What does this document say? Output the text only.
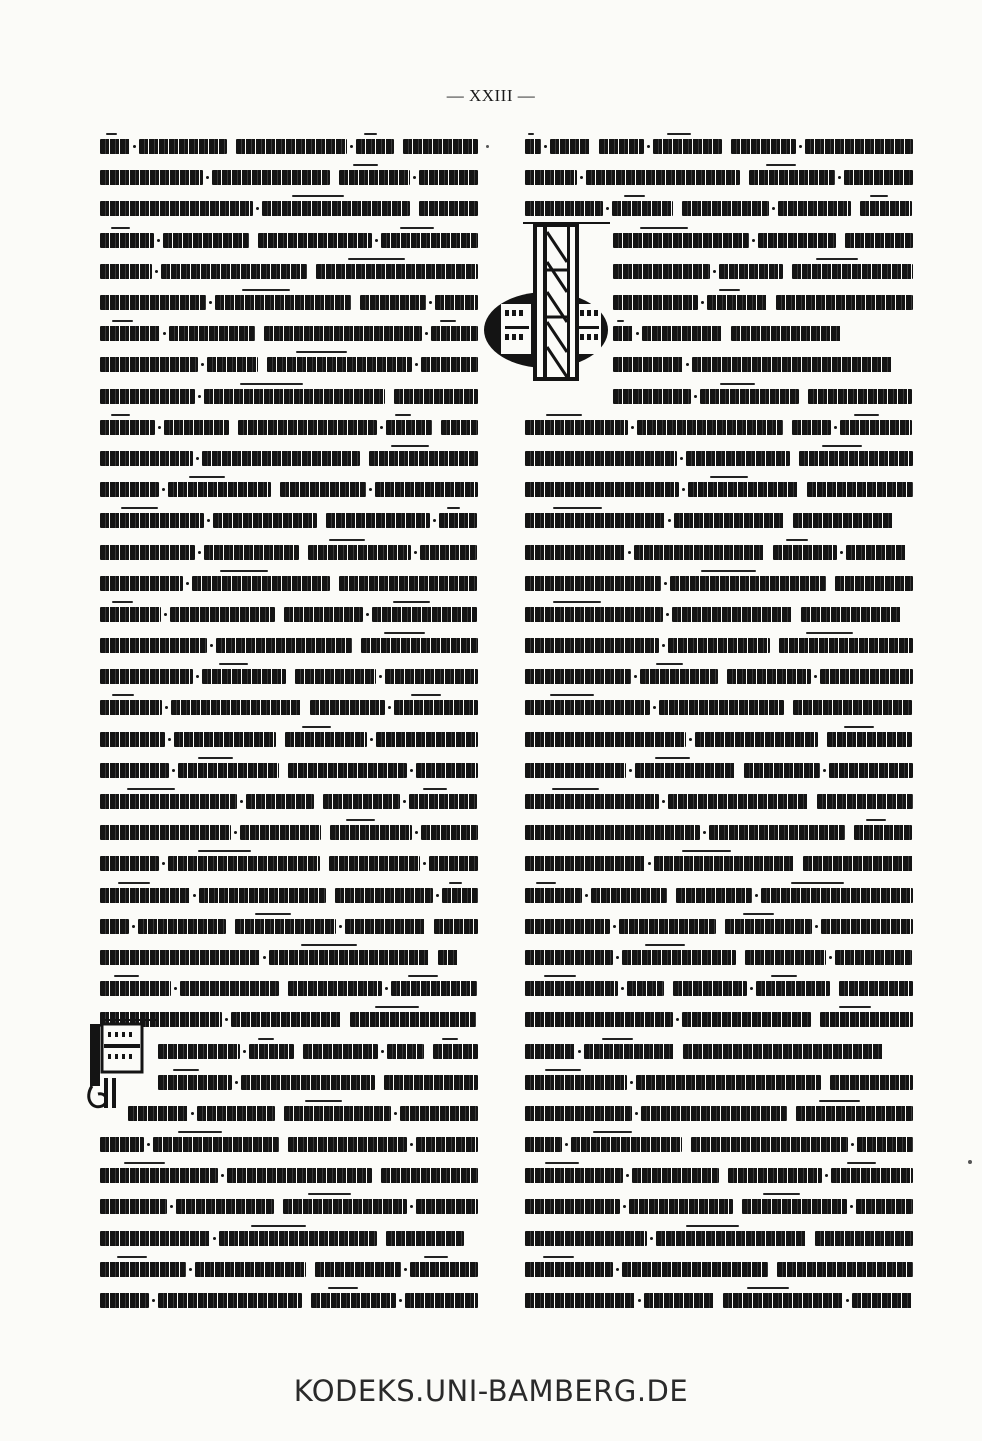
— XXIII —
KODEKS.UNI-BAMBERG.DE
